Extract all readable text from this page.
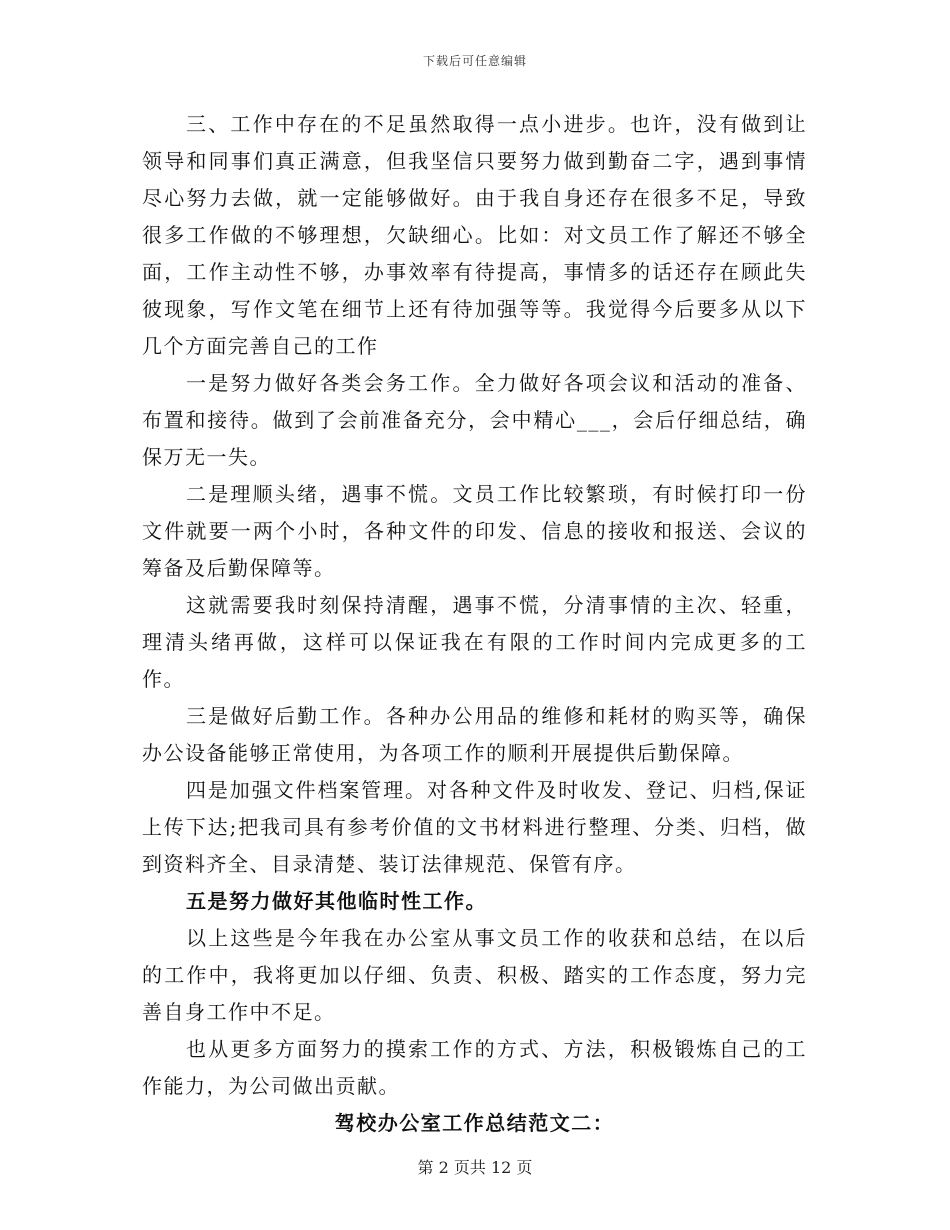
下载后可任意编辑

三、工作中存在的不足虽然取得一点小进步。也许，没有做到让领导和同事们真正满意，但我坚信只要努力做到勤奋二字，遇到事情尽心努力去做，就一定能够做好。由于我自身还存在很多不足，导致很多工作做的不够理想，欠缺细心。比如：对文员工作了解还不够全面，工作主动性不够，办事效率有待提高，事情多的话还存在顾此失彼现象，写作文笔在细节上还有待加强等等。我觉得今后要多从以下几个方面完善自己的工作

一是努力做好各类会务工作。全力做好各项会议和活动的准备、布置和接待。做到了会前准备充分，会中精心___，会后仔细总结，确保万无一失。

二是理顺头绪，遇事不慌。文员工作比较繁琐，有时候打印一份文件就要一两个小时，各种文件的印发、信息的接收和报送、会议的筹备及后勤保障等。

这就需要我时刻保持清醒，遇事不慌，分清事情的主次、轻重，理清头绪再做，这样可以保证我在有限的工作时间内完成更多的工作。

三是做好后勤工作。各种办公用品的维修和耗材的购买等，确保办公设备能够正常使用，为各项工作的顺利开展提供后勤保障。

四是加强文件档案管理。对各种文件及时收发、登记、归档,保证上传下达;把我司具有参考价值的文书材料进行整理、分类、归档，做到资料齐全、目录清楚、装订法律规范、保管有序。

五是努力做好其他临时性工作。

以上这些是今年我在办公室从事文员工作的收获和总结，在以后的工作中，我将更加以仔细、负责、积极、踏实的工作态度，努力完善自身工作中不足。

也从更多方面努力的摸索工作的方式、方法，积极锻炼自己的工作能力，为公司做出贡献。

驾校办公室工作总结范文二：

第 2 页共 12 页
